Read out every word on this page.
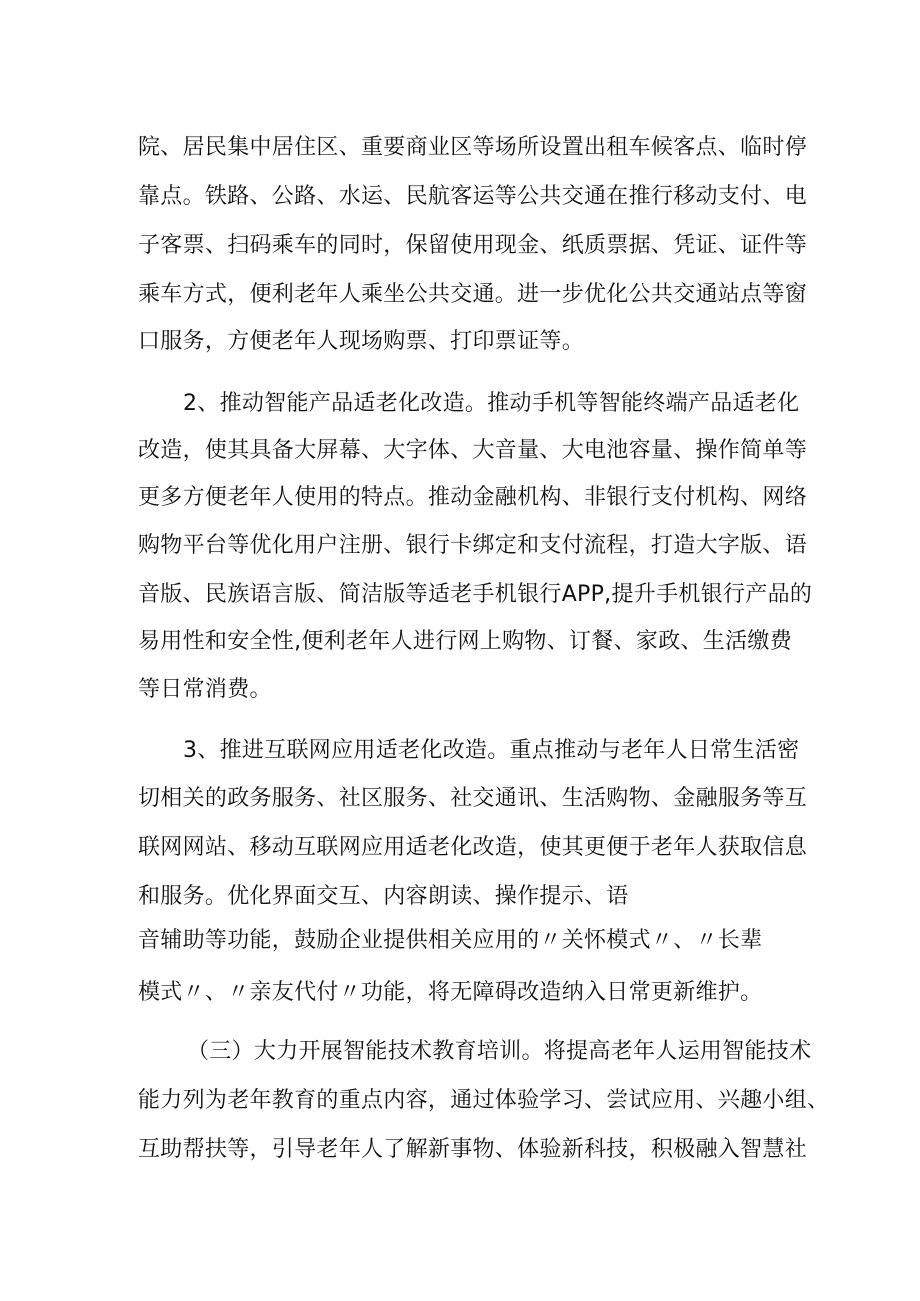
院、居民集中居住区、重要商业区等场所设置出租车候客点、临时停
靠点。铁路、公路、水运、民航客运等公共交通在推行移动支付、电
子客票、扫码乘车的同时，保留使用现金、纸质票据、凭证、证件等
乘车方式，便利老年人乘坐公共交通。进一步优化公共交通站点等窗
口服务，方便老年人现场购票、打印票证等。
2、推动智能产品适老化改造。推动手机等智能终端产品适老化
改造，使其具备大屏幕、大字体、大音量、大电池容量、操作简单等
更多方便老年人使用的特点。推动金融机构、非银行支付机构、网络
购物平台等优化用户注册、银行卡绑定和支付流程，打造大字版、语
音版、民族语言版、简洁版等适老手机银行APP,提升手机银行产品的
易用性和安全性,便利老年人进行网上购物、订餐、家政、生活缴费
等日常消费。
3、推进互联网应用适老化改造。重点推动与老年人日常生活密
切相关的政务服务、社区服务、社交通讯、生活购物、金融服务等互
联网网站、移动互联网应用适老化改造，使其更便于老年人获取信息
和服务。优化界面交互、内容朗读、操作提示、语
音辅助等功能，鼓励企业提供相关应用的〃关怀模式〃、〃长辈
模式〃、〃亲友代付〃功能，将无障碍改造纳入日常更新维护。
（三）大力开展智能技术教育培训。将提高老年人运用智能技术
能力列为老年教育的重点内容，通过体验学习、尝试应用、兴趣小组、
互助帮扶等，引导老年人了解新事物、体验新科技，积极融入智慧社
